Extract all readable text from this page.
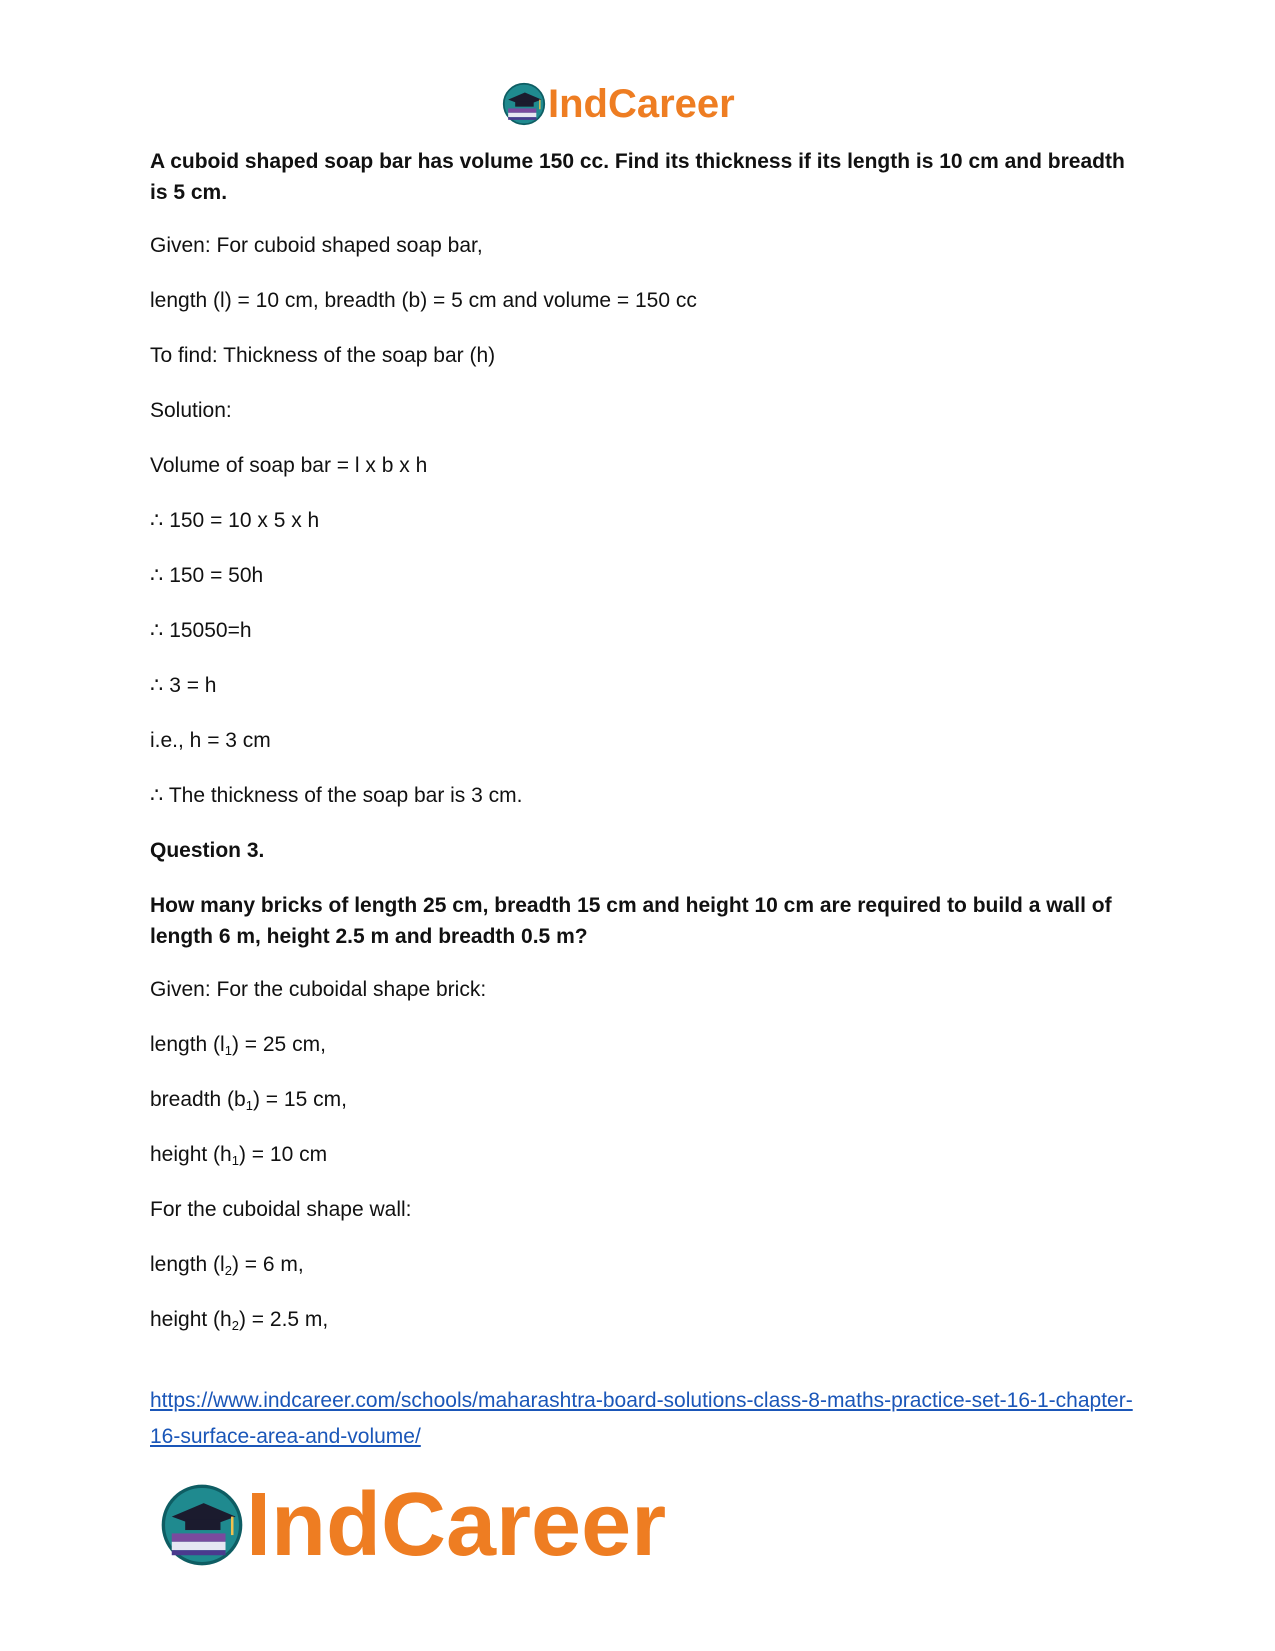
IndCareer

A cuboid shaped soap bar has volume 150 cc. Find its thickness if its length is 10 cm and breadth is 5 cm.

Given: For cuboid shaped soap bar,

length (l) = 10 cm, breadth (b) = 5 cm and volume = 150 cc

To find: Thickness of the soap bar (h)

Solution:

Volume of soap bar = l x b x h

∴ 150 = 10 x 5 x h

∴ 150 = 50h

∴ 15050=h

∴ 3 = h

i.e., h = 3 cm

∴ The thickness of the soap bar is 3 cm.

Question 3.

How many bricks of length 25 cm, breadth 15 cm and height 10 cm are required to build a wall of length 6 m, height 2.5 m and breadth 0.5 m?

Given: For the cuboidal shape brick:

length $(l_1) = 25$ cm,

breadth $(b_1) = 15$ cm,

height $(h_1) = 10$ cm

For the cuboidal shape wall:

length $(l_2) = 6$ m,

height $(h_2) = 2.5$ m,

https://www.indcareer.com/schools/maharashtra-board-solutions-class-8-maths-practice-set-16-1-chapter-16-surface-area-and-volume/
IndCareer
